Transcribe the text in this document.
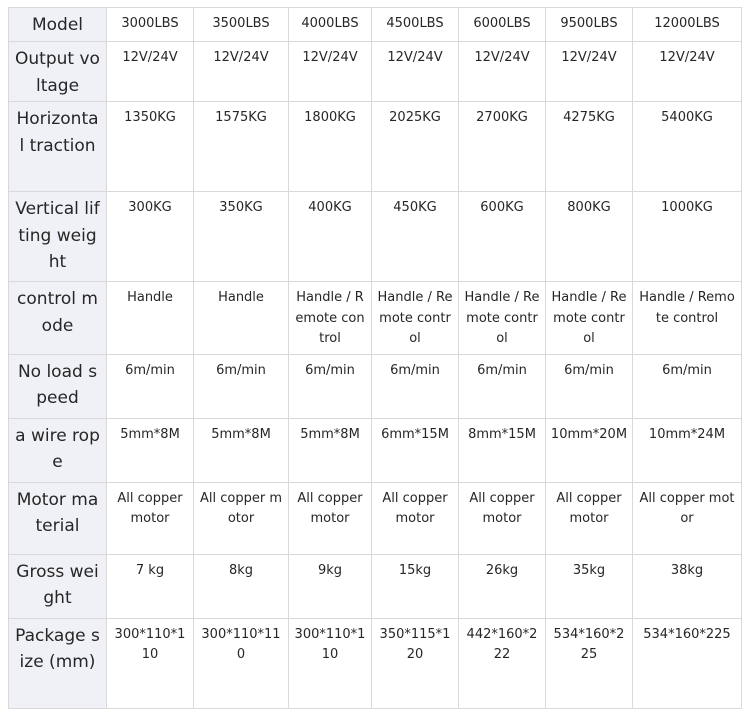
Model	3000LBS	3500LBS	4000LBS	4500LBS	6000LBS	9500LBS	12000LBS
Output voltage	12V/24V	12V/24V	12V/24V	12V/24V	12V/24V	12V/24V	12V/24V
Horizontal traction	1350KG	1575KG	1800KG	2025KG	2700KG	4275KG	5400KG
Vertical lifting weight	300KG	350KG	400KG	450KG	600KG	800KG	1000KG
control mode	Handle	Handle	Handle / Remote control	Handle / Remote control	Handle / Remote control	Handle / Remote control	Handle / Remote control
No load speed	6m/min	6m/min	6m/min	6m/min	6m/min	6m/min	6m/min
a wire rope	5mm*8M	5mm*8M	5mm*8M	6mm*15M	8mm*15M	10mm*20M	10mm*24M
Motor material	All copper motor	All copper motor	All copper motor	All copper motor	All copper motor	All copper motor	All copper motor
Gross weight	7 kg	8kg	9kg	15kg	26kg	35kg	38kg
Package size (mm)	300*110*110	300*110*110	300*110*110	350*115*120	442*160*222	534*160*225	534*160*225
